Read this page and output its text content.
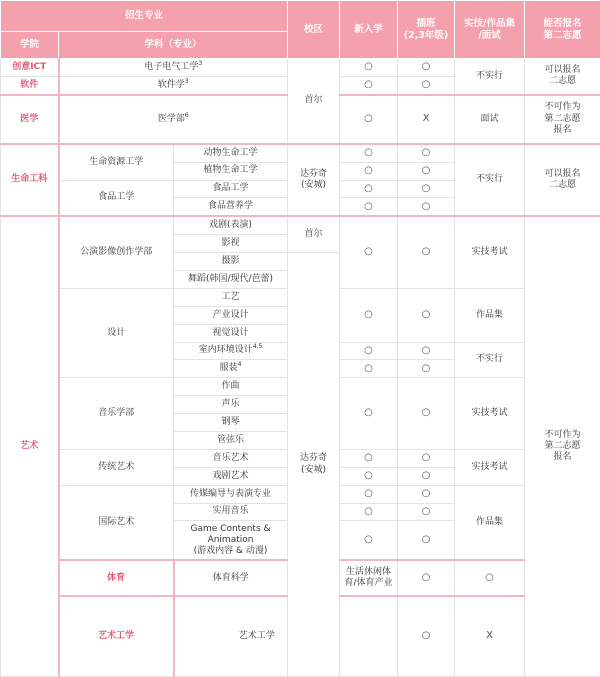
招生专业			校区	新入学	插班
(2,3年级)	实技/作品集
/面试	能否报名
第二志愿	
学院	学科（专业）							
创意ICT	电子电气工学$^3$		首尔	○	○	不实行	可以报名
二志愿	
软件	软件学$^3$			○	○			
医学	医学部$^6$			○	X	面试	不可作为
第二志愿
报名	
生命工科	生命资源工学	动物生命工学	达芬奇
(安城)	○	○	不实行	可以报名
二志愿	
		植物生命工学		○	○			
	食品工学	食品工学		○	○			
		食品营养学		○	○			
艺术	公演影像创作学部	戏剧(表演)	首尔	○	○	实技考试	不可作为
第二志愿
报名	
		影视						
		摄影	达芬奇
(安城)					
		舞蹈(韩国/现代/芭蕾)						
	设计	工艺		○	○	作品集		
		产业设计						
		视觉设计						
		室内环境设计$^{4,5}$		○	○	不实行		
		服装$^4$		○	○			
	音乐学部	作曲		○	○	实技考试		
		声乐						
		钢琴						
		管弦乐						
	传统艺术	音乐艺术		○	○	实技考试		
		戏剧艺术		○	○			
	国际艺术	传媒编导与表演专业		○	○	作品集		
		实用音乐		○	○			
		Game Contents & Animation
(游戏内容 & 动漫)		○	○			
	体育	体育科学		生活休闲体育/体育产业	○	○	
	艺术工学	艺术工学			○	X		
